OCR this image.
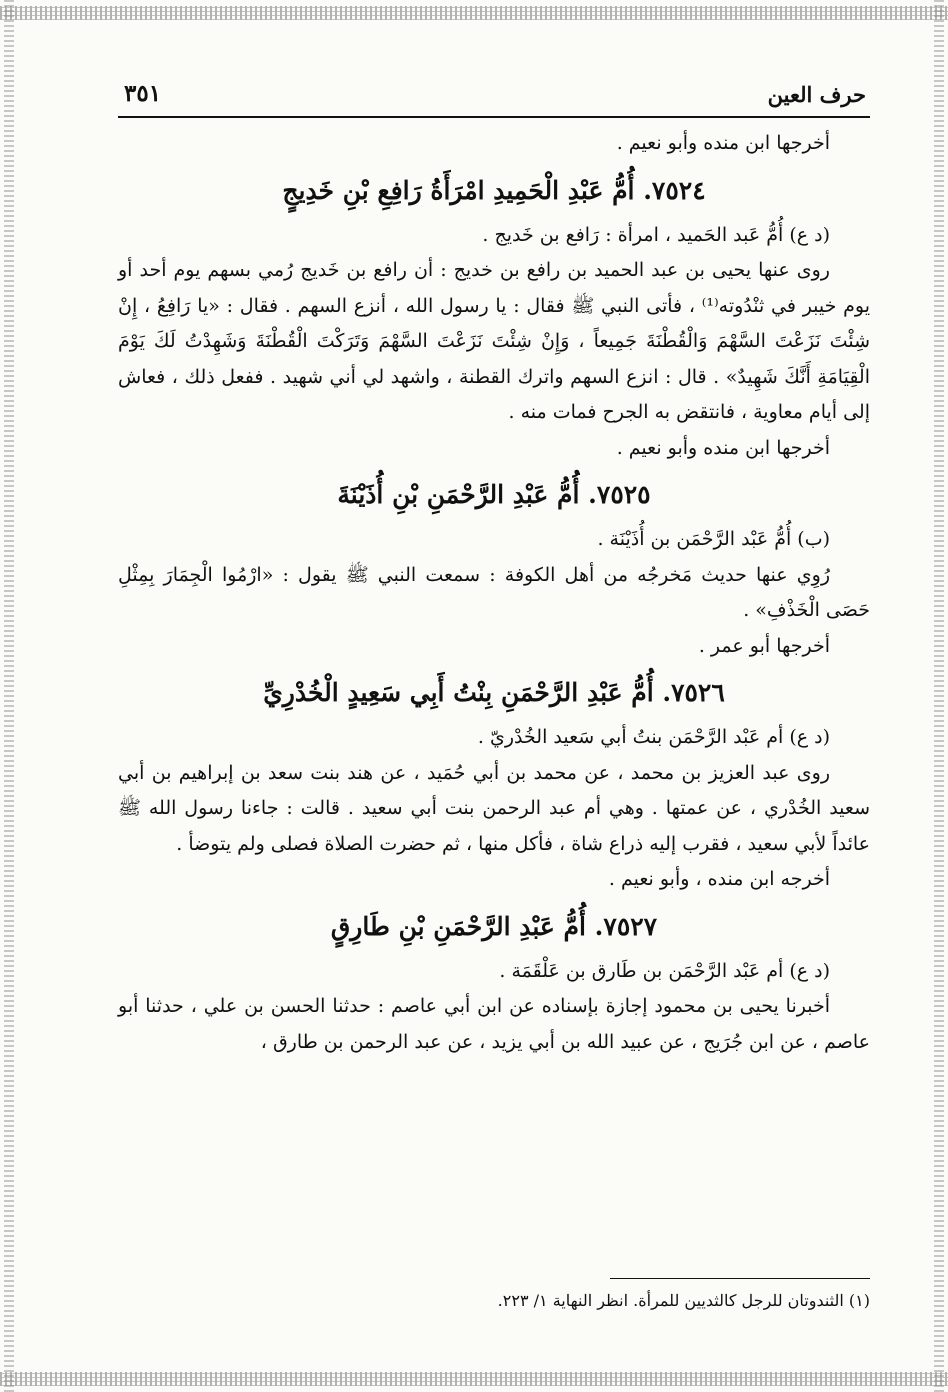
حرف العين
٣٥١

أخرجها ابن منده وأبو نعيم .

٧٥٢٤. أُمُّ عَبْدِ الْحَمِيدِ امْرَأَةُ رَافِعِ بْنِ خَدِيجٍ

(د ع) أُمُّ عَبد الحَميد ، امرأة : رَافع بن خَديج .

روى عنها يحيى بن عبد الحميد بن رافع بن خديج : أن رافع بن خَديج رُمي بسهم يوم أحد أو يوم خيبر في ثنْدُوته⁽¹⁾ ، فأتى النبي ﷺ فقال : يا رسول الله ، أنزع السهم . فقال : «يا رَافِعُ ، إِنْ شِئْتَ نَزَعْتَ السَّهْمَ وَالْقُطْنَةَ جَمِيعاً ، وَإِنْ شِئْتَ نَزَعْتَ السَّهْمَ وَتَرَكْتَ الْقُطْنَةَ وَشَهِدْتُ لَكَ يَوْمَ الْقِيَامَةِ أَنَّكَ شَهِيدٌ» . قال : انزع السهم واترك القطنة ، واشهد لي أني شهيد . ففعل ذلك ، فعاش إلى أيام معاوية ، فانتقض به الجرح فمات منه .

أخرجها ابن منده وأبو نعيم .

٧٥٢٥. أُمُّ عَبْدِ الرَّحْمَنِ بْنِ أُذَيْنَةَ

(ب) أُمُّ عَبْد الرَّحْمَن بن أُذَيْنَة .

رُوِي عنها حديث مَخرجُه من أهل الكوفة : سمعت النبي ﷺ يقول : «ارْمُوا الْجِمَارَ بِمِثْلِ حَصَى الْخَذْفِ» .

أخرجها أبو عمر .

٧٥٢٦. أُمُّ عَبْدِ الرَّحْمَنِ بِنْتُ أَبِي سَعِيدٍ الْخُدْرِيِّ

(د ع) أم عَبْد الرَّحْمَن بنتُ أبي سَعيد الخُدْريّ .

روى عبد العزيز بن محمد ، عن محمد بن أبي حُمَيد ، عن هند بنت سعد بن إبراهيم بن أبي سعيد الخُدْري ، عن عمتها . وهي أم عبد الرحمن بنت أبي سعيد . قالت : جاءنا رسول الله ﷺ عائداً لأبي سعيد ، فقرب إليه ذراع شاة ، فأكل منها ، ثم حضرت الصلاة فصلى ولم يتوضأ .

أخرجه ابن منده ، وأبو نعيم .

٧٥٢٧. أُمُّ عَبْدِ الرَّحْمَنِ بْنِ طَارِقٍ

(د ع) أم عَبْد الرَّحْمَن بن طَارق بن عَلْقَمَة .

أخبرنا يحيى بن محمود إجازة بإسناده عن ابن أبي عاصم : حدثنا الحسن بن علي ، حدثنا أبو عاصم ، عن ابن جُرَيج ، عن عبيد الله بن أبي يزيد ، عن عبد الرحمن بن طارق ،

(١) الثندوتان للرجل كالثديين للمرأة. انظر النهاية ١/ ٢٢٣.
